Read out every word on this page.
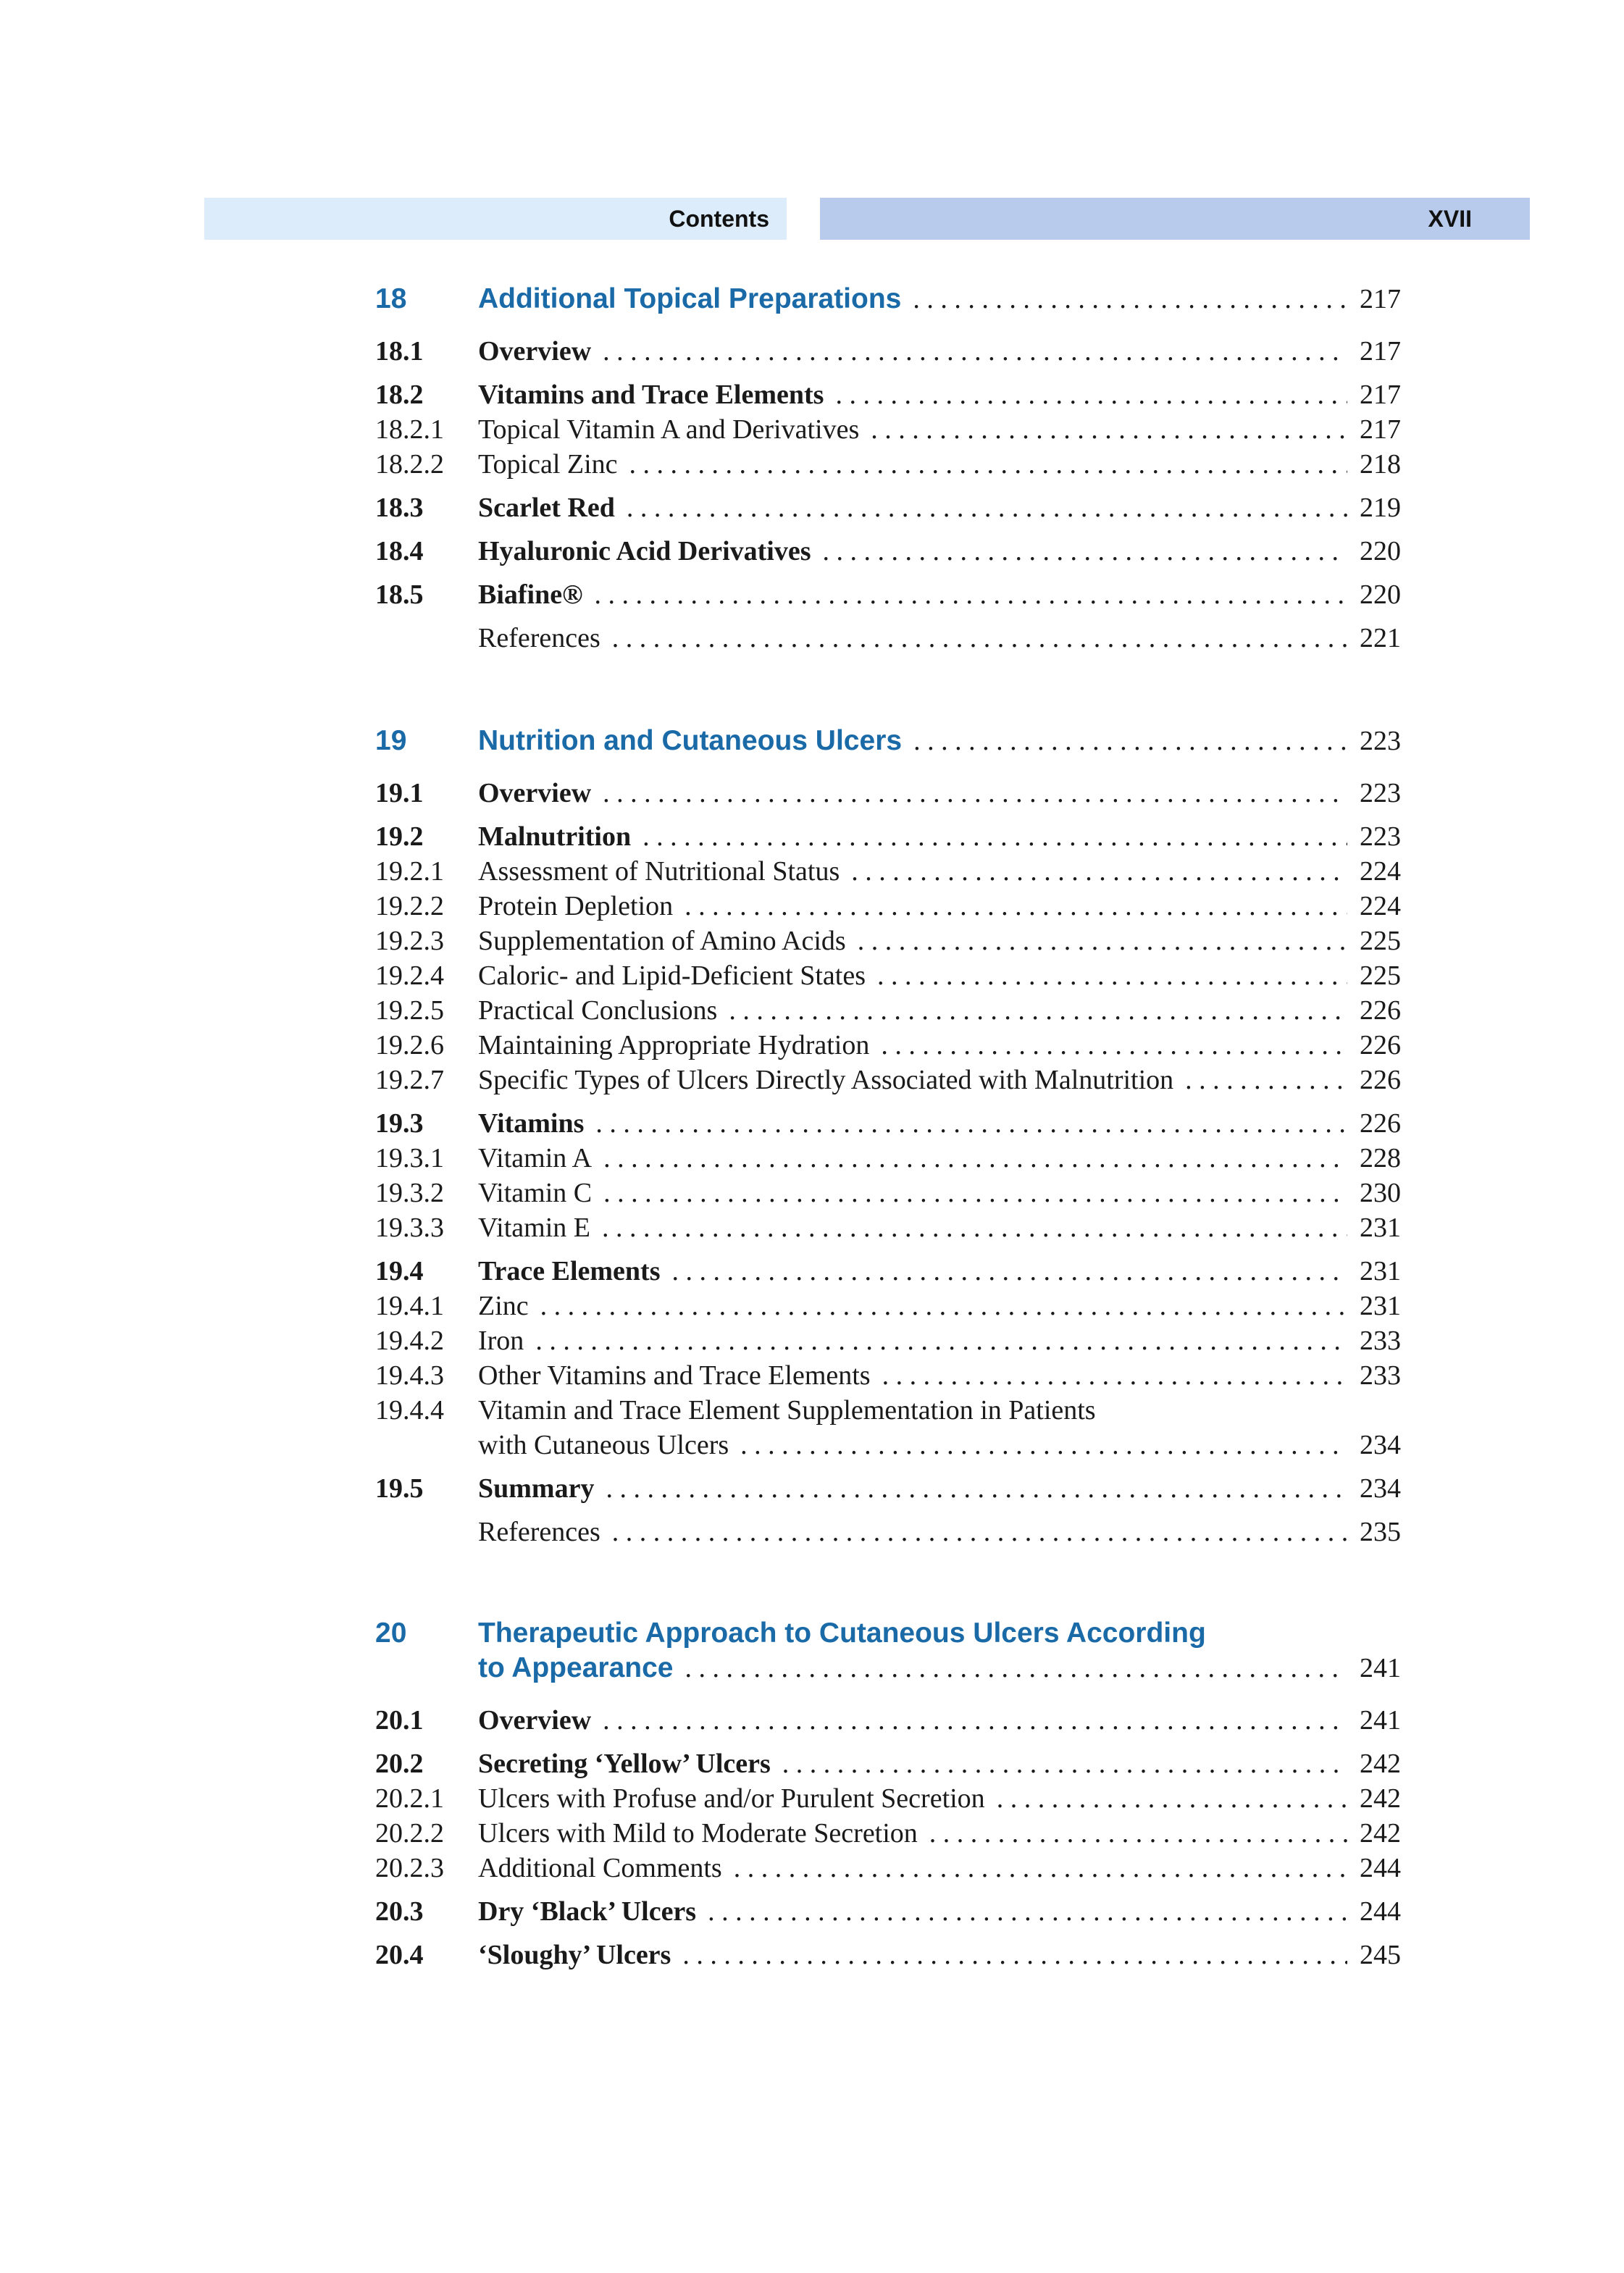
Contents	XVII
18	Additional Topical Preparations . . .	217
18.1 Overview . . .	217
18.2 Vitamins and Trace Elements . . .	217
18.2.1 Topical Vitamin A and Derivatives . . .	217
18.2.2 Topical Zinc . . .	218
18.3 Scarlet Red . . .	219
18.4 Hyaluronic Acid Derivatives . . .	220
18.5 Biafine® . . .	220
References . . .	221
19	Nutrition and Cutaneous Ulcers . . .	223
19.1 Overview . . .	223
19.2 Malnutrition . . .	223
19.2.1 Assessment of Nutritional Status . . .	224
19.2.2 Protein Depletion . . .	224
19.2.3 Supplementation of Amino Acids . . .	225
19.2.4 Caloric- and Lipid-Deficient States . . .	225
19.2.5 Practical Conclusions . . .	226
19.2.6 Maintaining Appropriate Hydration . . .	226
19.2.7 Specific Types of Ulcers Directly Associated with Malnutrition . . .	226
19.3 Vitamins . . .	226
19.3.1 Vitamin A . . .	228
19.3.2 Vitamin C . . .	230
19.3.3 Vitamin E . . .	231
19.4 Trace Elements . . .	231
19.4.1 Zinc . . .	231
19.4.2 Iron . . .	233
19.4.3 Other Vitamins and Trace Elements . . .	233
19.4.4 Vitamin and Trace Element Supplementation in Patients
with Cutaneous Ulcers . . .	234
19.5 Summary . . .	234
References . . .	235
20	Therapeutic Approach to Cutaneous Ulcers According
to Appearance . . .	241
20.1 Overview . . .	241
20.2 Secreting ‘Yellow’ Ulcers . . .	242
20.2.1 Ulcers with Profuse and/or Purulent Secretion . . .	242
20.2.2 Ulcers with Mild to Moderate Secretion . . .	242
20.2.3 Additional Comments . . .	244
20.3 Dry ‘Black’ Ulcers . . .	244
20.4 ‘Sloughy’ Ulcers . . .	245
